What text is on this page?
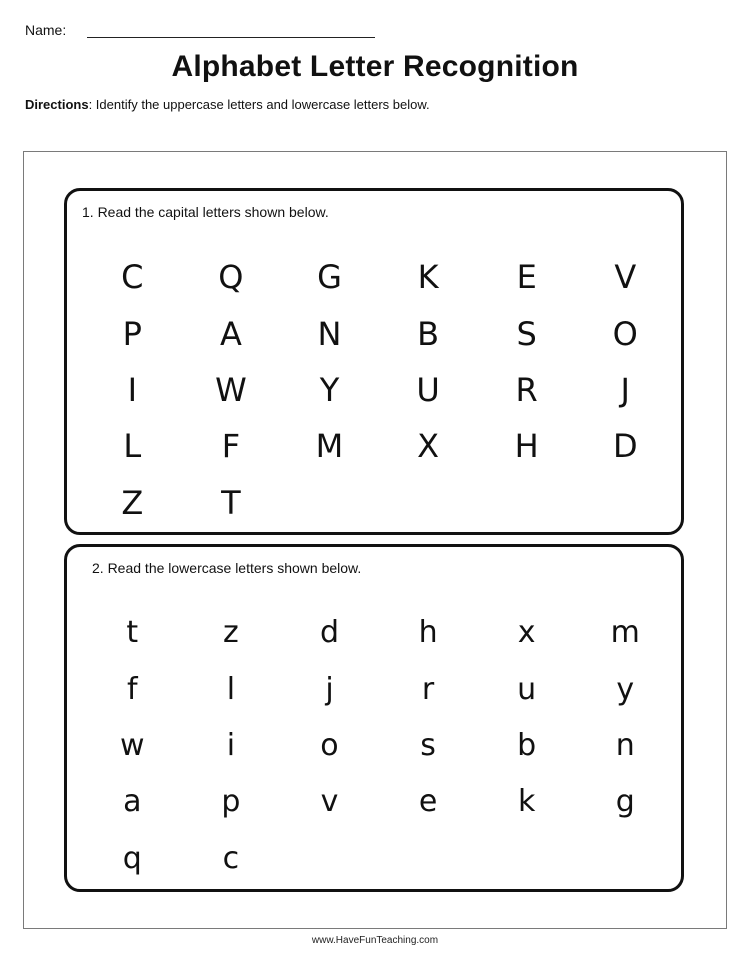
Name:
Alphabet Letter Recognition
Directions: Identify the uppercase letters and lowercase letters below.
1. Read the capital letters shown below.
C	Q	G	K	E	V
P	A	N	B	S	O
I	W	Y	U	R	J
L	F	M	X	H	D
Z	T
2. Read the lowercase letters shown below.
t	z	d	h	x	m
f	l	j	r	u	y
w	i	o	s	b	n
a	p	v	e	k	g
q	c
www.HaveFunTeaching.com
